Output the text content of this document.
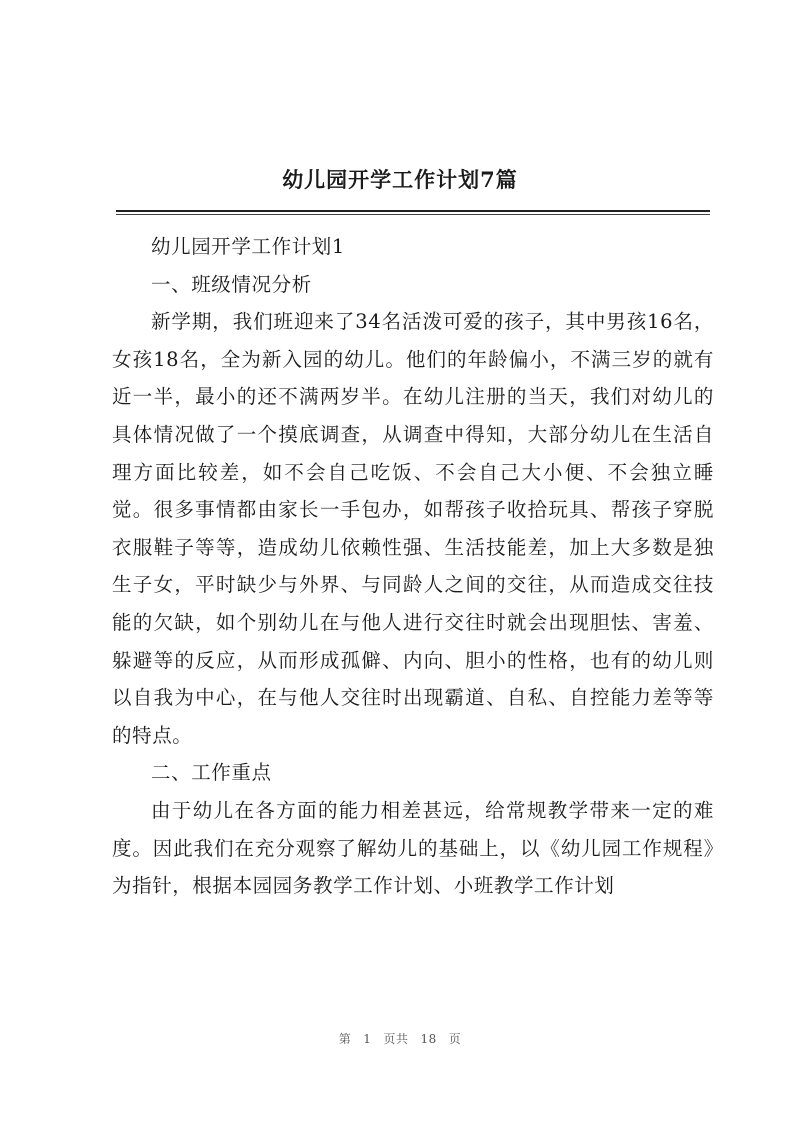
幼儿园开学工作计划7篇

幼儿园开学工作计划1

一、班级情况分析

新学期，我们班迎来了34名活泼可爱的孩子，其中男孩16名，女孩18名，全为新入园的幼儿。他们的年龄偏小，不满三岁的就有近一半，最小的还不满两岁半。在幼儿注册的当天，我们对幼儿的具体情况做了一个摸底调查，从调查中得知，大部分幼儿在生活自理方面比较差，如不会自己吃饭、不会自己大小便、不会独立睡觉。很多事情都由家长一手包办，如帮孩子收拾玩具、帮孩子穿脱衣服鞋子等等，造成幼儿依赖性强、生活技能差，加上大多数是独生子女，平时缺少与外界、与同龄人之间的交往，从而造成交往技能的欠缺，如个别幼儿在与他人进行交往时就会出现胆怯、害羞、躲避等的反应，从而形成孤僻、内向、胆小的性格，也有的幼儿则以自我为中心，在与他人交往时出现霸道、自私、自控能力差等等的特点。

二、工作重点

由于幼儿在各方面的能力相差甚远，给常规教学带来一定的难度。因此我们在充分观察了解幼儿的基础上，以《幼儿园工作规程》为指针，根据本园园务教学工作计划、小班教学工作计划

第 1 页共 18 页
